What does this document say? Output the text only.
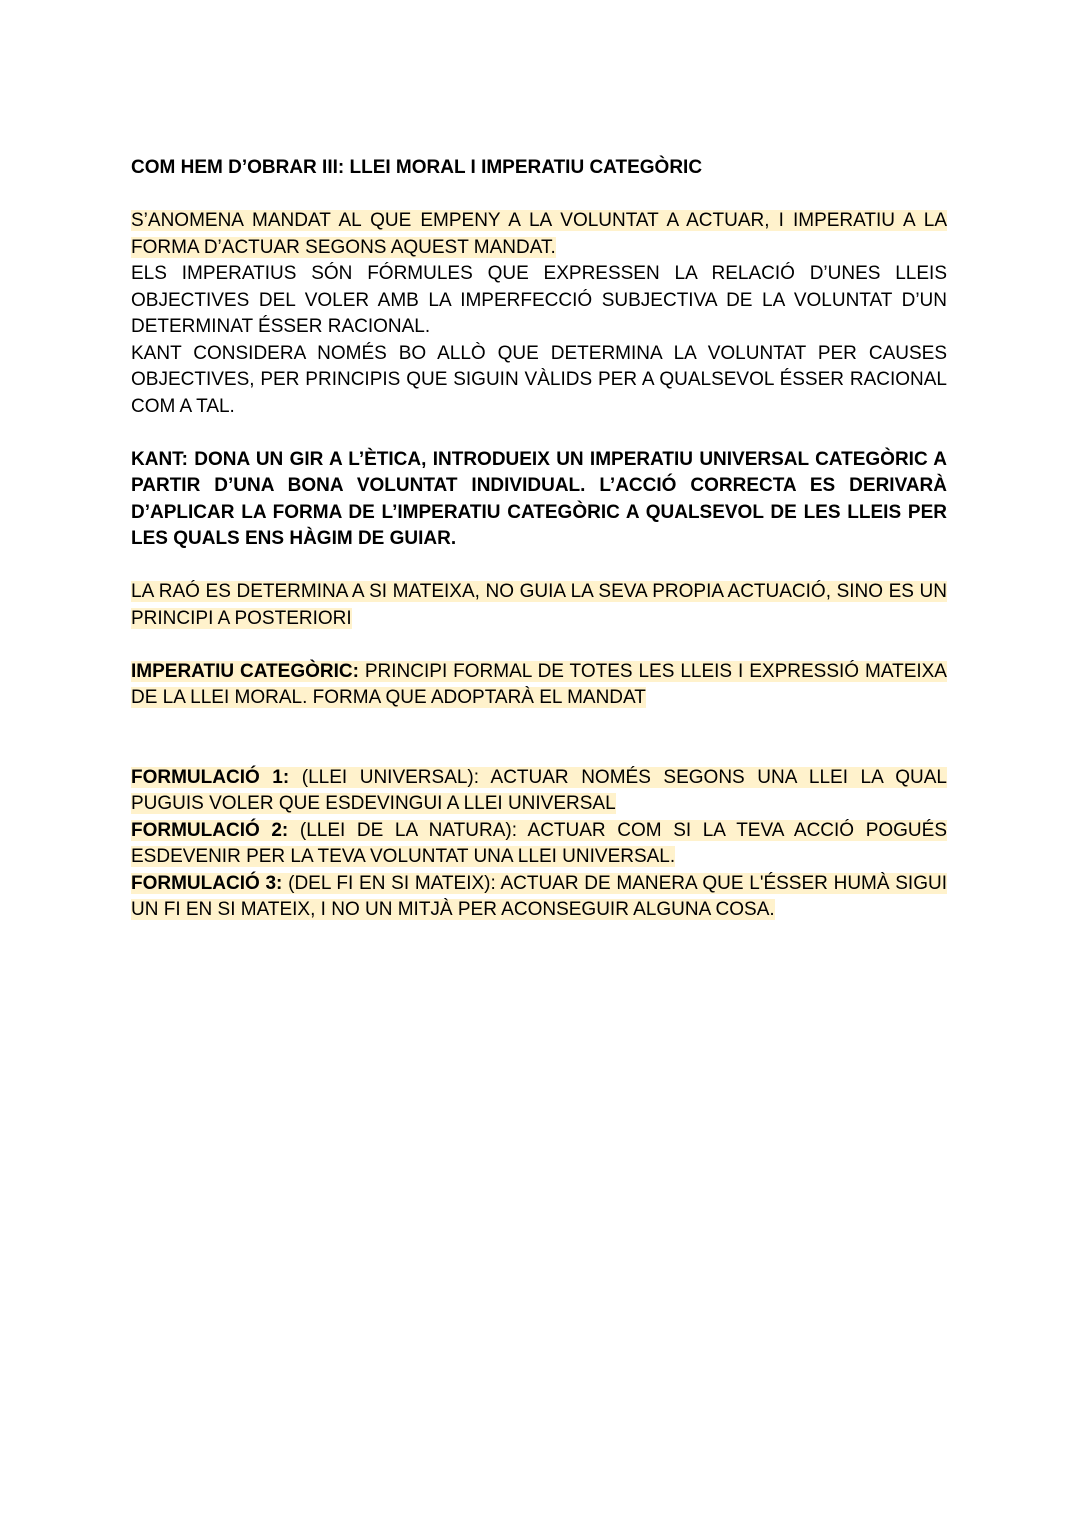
COM HEM D’OBRAR III: LLEI MORAL I IMPERATIU CATEGÒRIC

S’ANOMENA MANDAT AL QUE EMPENY A LA VOLUNTAT A ACTUAR, I IMPERATIU A LA FORMA D’ACTUAR SEGONS AQUEST MANDAT.

ELS IMPERATIUS SÓN FÓRMULES QUE EXPRESSEN LA RELACIÓ D’UNES LLEIS OBJECTIVES DEL VOLER AMB LA IMPERFECCIÓ SUBJECTIVA DE LA VOLUNTAT D’UN DETERMINAT ÉSSER RACIONAL.

KANT CONSIDERA NOMÉS BO ALLÒ QUE DETERMINA LA VOLUNTAT PER CAUSES OBJECTIVES, PER PRINCIPIS QUE SIGUIN VÀLIDS PER A QUALSEVOL ÉSSER RACIONAL COM A TAL.

KANT: DONA UN GIR A L’ÈTICA, INTRODUEIX UN IMPERATIU UNIVERSAL CATEGÒRIC A PARTIR D’UNA BONA VOLUNTAT INDIVIDUAL. L’ACCIÓ CORRECTA ES DERIVARÀ D’APLICAR LA FORMA DE L’IMPERATIU CATEGÒRIC A QUALSEVOL DE LES LLEIS PER LES QUALS ENS HÀGIM DE GUIAR.

LA RAÓ ES DETERMINA A SI MATEIXA, NO GUIA LA SEVA PROPIA ACTUACIÓ, SINO ES UN PRINCIPI A POSTERIORI

IMPERATIU CATEGÒRIC: PRINCIPI FORMAL DE TOTES LES LLEIS I EXPRESSIÓ MATEIXA DE LA LLEI MORAL. FORMA QUE ADOPTARÀ EL MANDAT

FORMULACIÓ 1: (LLEI UNIVERSAL): ACTUAR NOMÉS SEGONS UNA LLEI LA QUAL PUGUIS VOLER QUE ESDEVINGUI A LLEI UNIVERSAL

FORMULACIÓ 2: (LLEI DE LA NATURA): ACTUAR COM SI LA TEVA ACCIÓ POGUÉS ESDEVENIR PER LA TEVA VOLUNTAT UNA LLEI UNIVERSAL.

FORMULACIÓ 3: (DEL FI EN SI MATEIX): ACTUAR DE MANERA QUE L'ÉSSER HUMÀ SIGUI UN FI EN SI MATEIX, I NO UN MITJÀ PER ACONSEGUIR ALGUNA COSA.
